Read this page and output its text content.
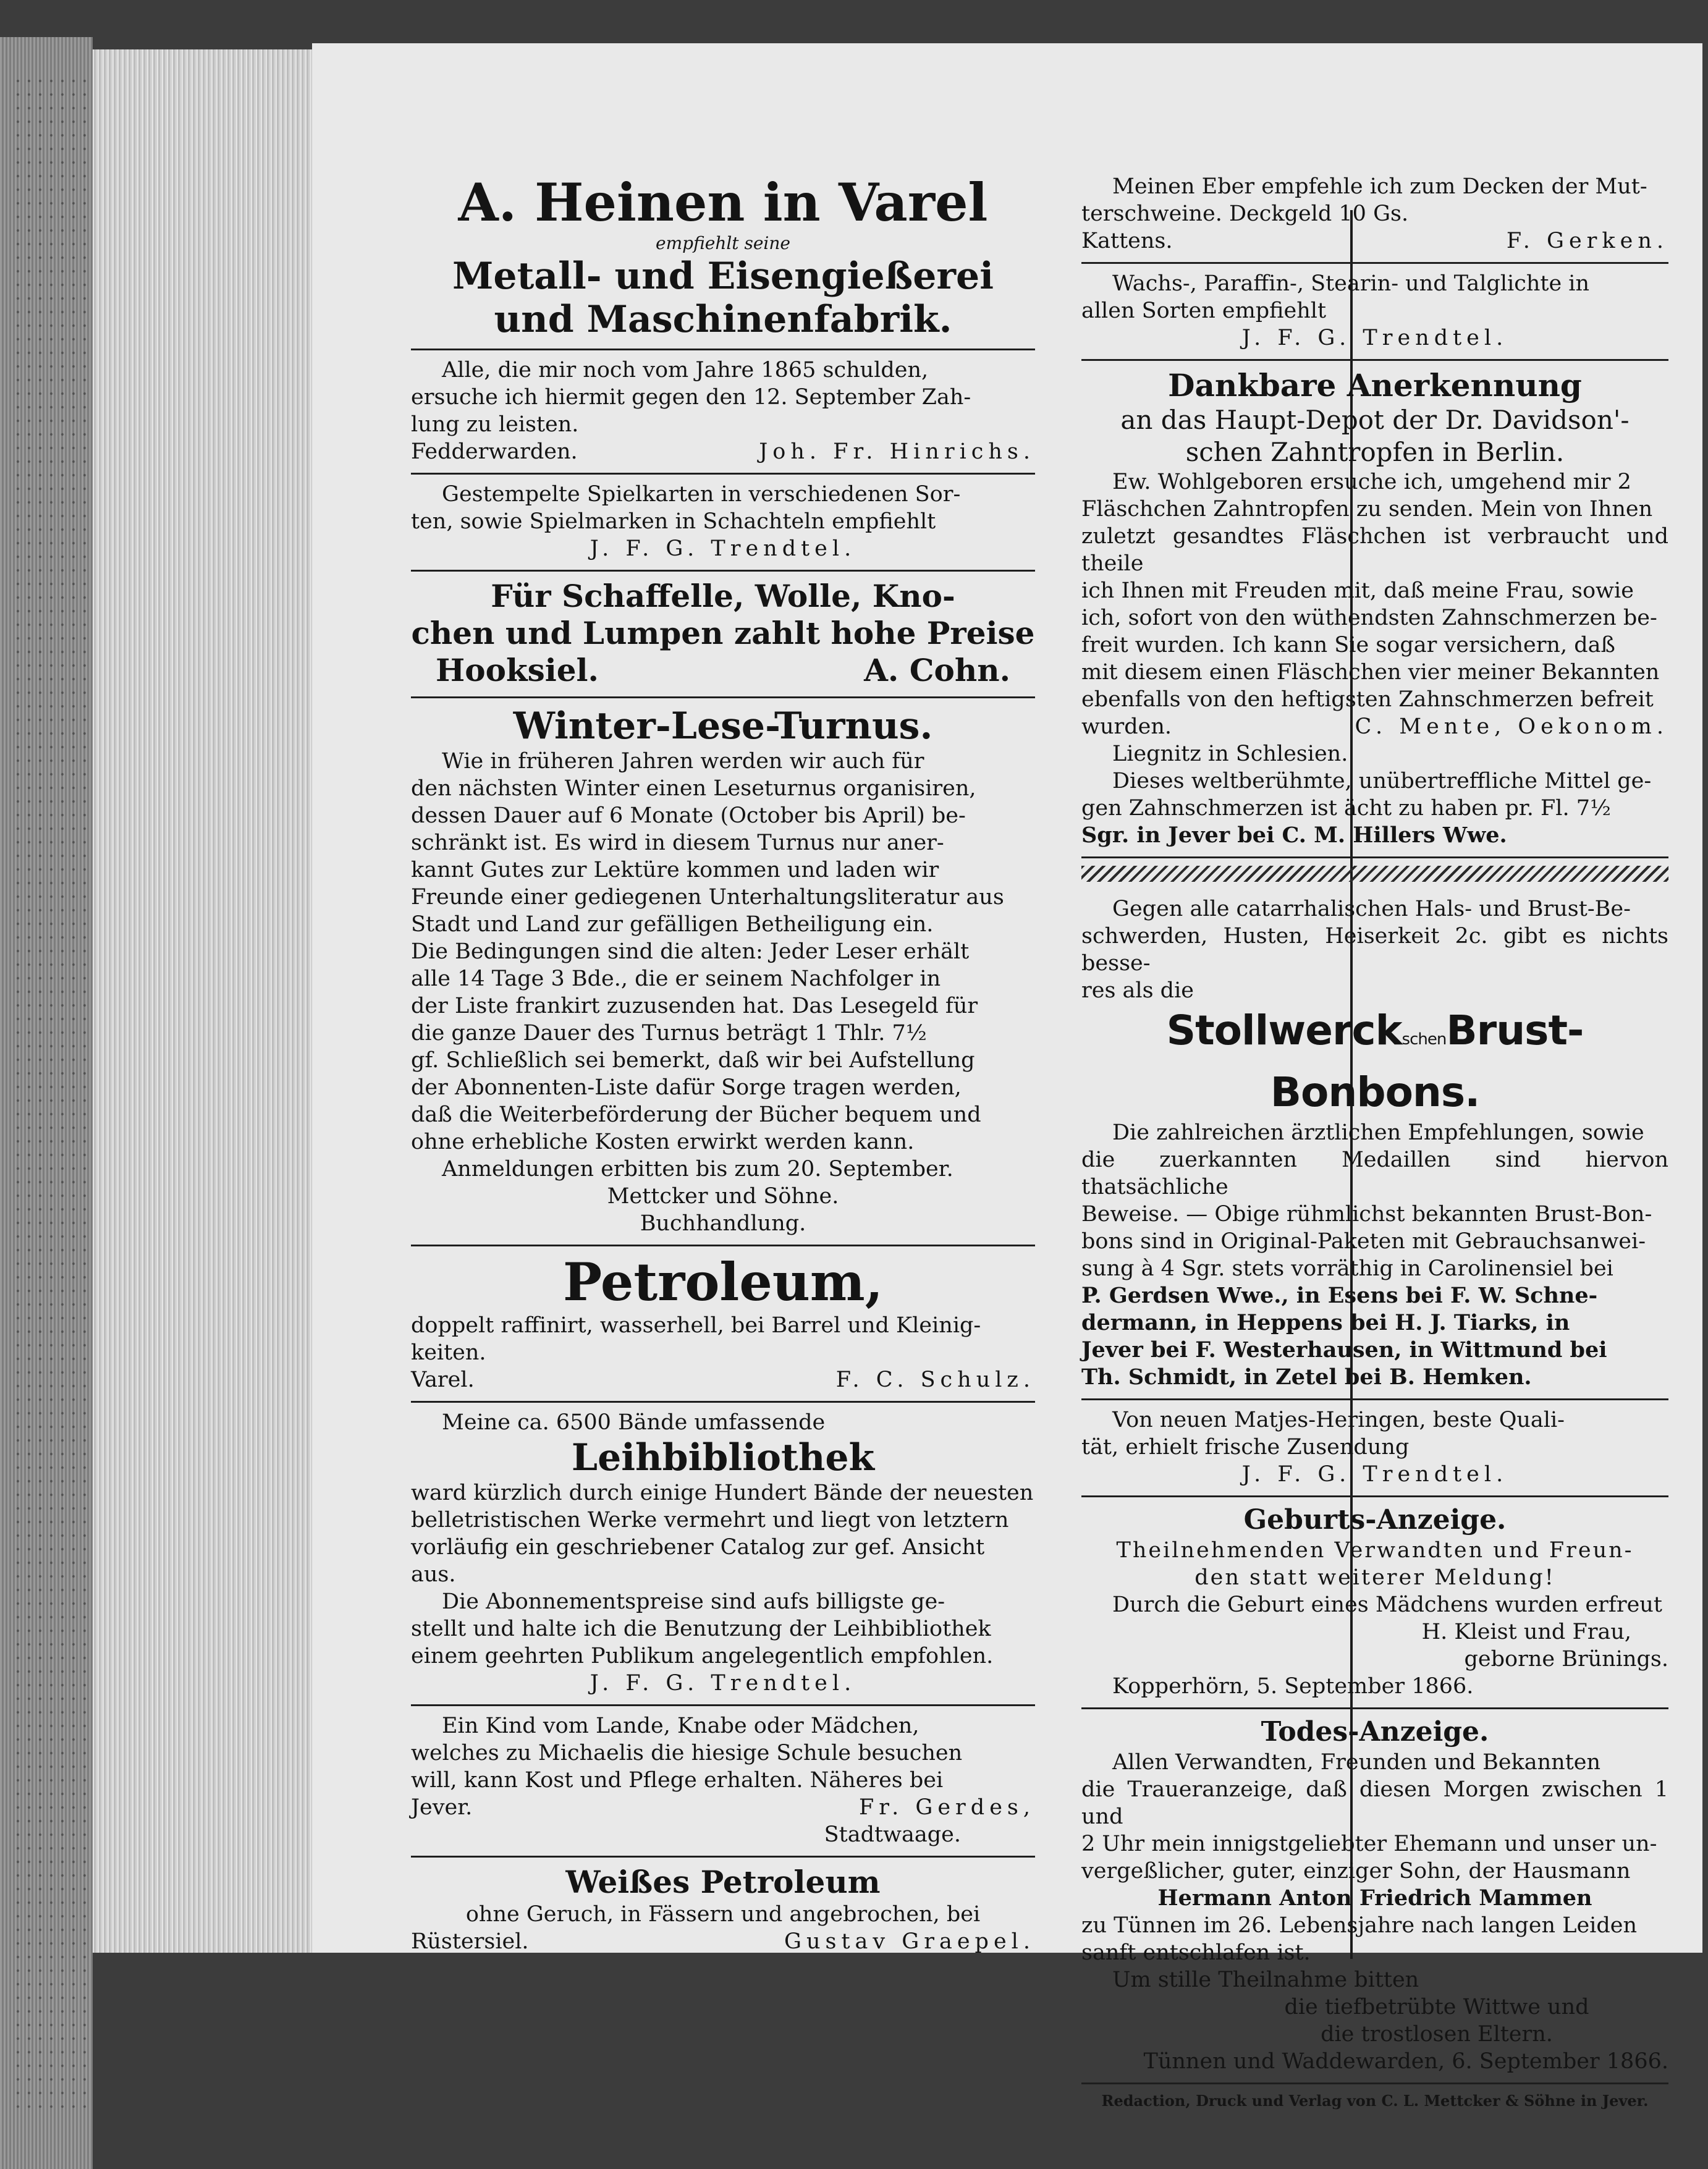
A. Heinen in Varel
empfiehlt seine
Metall- und Eisengießerei
und Maschinenfabrik.
Alle, die mir noch vom Jahre 1865 schulden,
ersuche ich hiermit gegen den 12. September Zah-
lung zu leisten.
Fedderwarden.	Joh. Fr. Hinrichs.
Gestempelte Spielkarten in verschiedenen Sor-
ten, sowie Spielmarken in Schachteln empfiehlt
J. F. G. Trendtel.
Für Schaffelle, Wolle, Kno-
chen und Lumpen zahlt hohe Preise
Hooksiel.	A. Cohn.
Winter-Lese-Turnus.
Wie in früheren Jahren werden wir auch für
den nächsten Winter einen Leseturnus organisiren,
dessen Dauer auf 6 Monate (October bis April) be-
schränkt ist. Es wird in diesem Turnus nur aner-
kannt Gutes zur Lektüre kommen und laden wir
Freunde einer gediegenen Unterhaltungsliteratur aus
Stadt und Land zur gefälligen Betheiligung ein.
Die Bedingungen sind die alten: Jeder Leser erhält
alle 14 Tage 3 Bde., die er seinem Nachfolger in
der Liste frankirt zuzusenden hat. Das Lesegeld für
die ganze Dauer des Turnus beträgt 1 Thlr. 7½
gf. Schließlich sei bemerkt, daß wir bei Aufstellung
der Abonnenten-Liste dafür Sorge tragen werden,
daß die Weiterbeförderung der Bücher bequem und
ohne erhebliche Kosten erwirkt werden kann.
Anmeldungen erbitten bis zum 20. September.
Mettcker und Söhne.
Buchhandlung.
Petroleum,
doppelt raffinirt, wasserhell, bei Barrel und Kleinig-
keiten.
Varel.	F. C. Schulz.
Meine ca. 6500 Bände umfassende
Leihbibliothek
ward kürzlich durch einige Hundert Bände der neuesten
belletristischen Werke vermehrt und liegt von letztern
vorläufig ein geschriebener Catalog zur gef. Ansicht
aus.
Die Abonnementspreise sind aufs billigste ge-
stellt und halte ich die Benutzung der Leihbibliothek
einem geehrten Publikum angelegentlich empfohlen.
J. F. G. Trendtel.
Ein Kind vom Lande, Knabe oder Mädchen,
welches zu Michaelis die hiesige Schule besuchen
will, kann Kost und Pflege erhalten. Näheres bei
Jever.	Fr. Gerdes,
Stadtwaage.
Weißes Petroleum
ohne Geruch, in Fässern und angebrochen, bei
Rüstersiel.	Gustav Graepel.
Meinen Eber empfehle ich zum Decken der Mut-
terschweine. Deckgeld 10 Gs.
Kattens.	F. Gerken.
Wachs-, Paraffin-, Stearin- und Talglichte in
allen Sorten empfiehlt
J. F. G. Trendtel.
Dankbare Anerkennung
an das Haupt-Depot der Dr. Davidson'-
schen Zahntropfen in Berlin.
Ew. Wohlgeboren ersuche ich, umgehend mir 2
Fläschchen Zahntropfen zu senden. Mein von Ihnen
zuletzt gesandtes Fläschchen ist verbraucht und theile
ich Ihnen mit Freuden mit, daß meine Frau, sowie
ich, sofort von den wüthendsten Zahnschmerzen be-
freit wurden. Ich kann Sie sogar versichern, daß
mit diesem einen Fläschchen vier meiner Bekannten
ebenfalls von den heftigsten Zahnschmerzen befreit
wurden.	C. Mente, Oekonom.
Liegnitz in Schlesien.
Dieses weltberühmte, unübertreffliche Mittel ge-
gen Zahnschmerzen ist ächt zu haben pr. Fl. 7½
Sgr. in Jever bei C. M. Hillers Wwe.
Gegen alle catarrhalischen Hals- und Brust-Be-
schwerden, Husten, Heiserkeit 2c. gibt es nichts besse-
res als die
StollwerckschenBrust-Bonbons.
Die zahlreichen ärztlichen Empfehlungen, sowie
die zuerkannten Medaillen sind hiervon thatsächliche
Beweise. — Obige rühmlichst bekannten Brust-Bon-
bons sind in Original-Paketen mit Gebrauchsanwei-
sung à 4 Sgr. stets vorräthig in Carolinensiel bei
P. Gerdsen Wwe., in Esens bei F. W. Schne-
dermann, in Heppens bei H. J. Tiarks, in
Jever bei F. Westerhausen, in Wittmund bei
Th. Schmidt, in Zetel bei B. Hemken.
Von neuen Matjes-Heringen, beste Quali-
tät, erhielt frische Zusendung
J. F. G. Trendtel.
Geburts-Anzeige.
Theilnehmenden Verwandten und Freun-
den statt weiterer Meldung!
Durch die Geburt eines Mädchens wurden erfreut
H. Kleist und Frau,
geborne Brünings.
Kopperhörn, 5. September 1866.
Todes-Anzeige.
Allen Verwandten, Freunden und Bekannten
die Traueranzeige, daß diesen Morgen zwischen 1 und
2 Uhr mein innigstgeliebter Ehemann und unser un-
vergeßlicher, guter, einziger Sohn, der Hausmann
Hermann Anton Friedrich Mammen
zu Tünnen im 26. Lebensjahre nach langen Leiden
sanft entschlafen ist.
Um stille Theilnahme bitten
die tiefbetrübte Wittwe und
die trostlosen Eltern.
Tünnen und Waddewarden, 6. September 1866.
Redaction, Druck und Verlag von C. L. Mettcker & Söhne in Jever.
